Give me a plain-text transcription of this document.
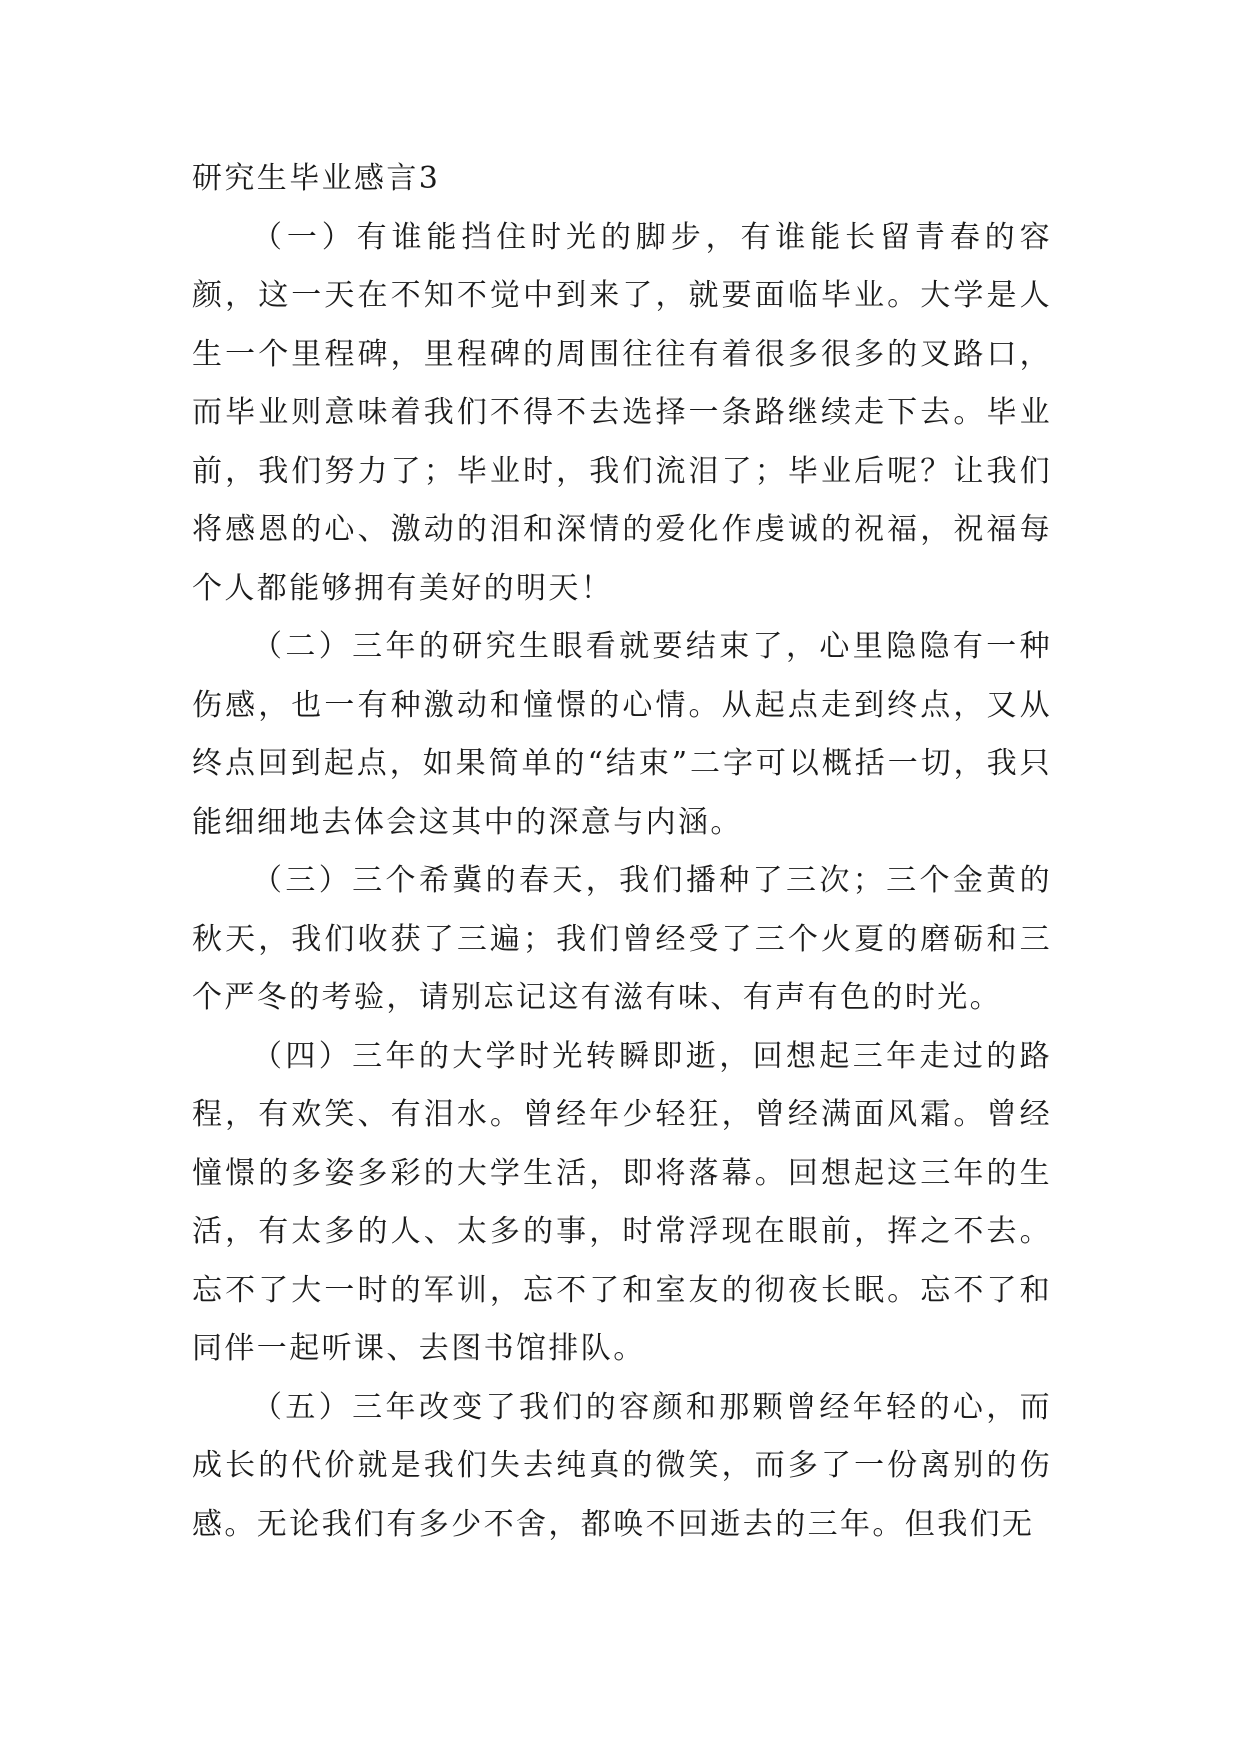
研究生毕业感言3

（一）有谁能挡住时光的脚步，有谁能长留青春的容颜，这一天在不知不觉中到来了，就要面临毕业。大学是人生一个里程碑，里程碑的周围往往有着很多很多的叉路口，而毕业则意味着我们不得不去选择一条路继续走下去。毕业前，我们努力了；毕业时，我们流泪了；毕业后呢？让我们将感恩的心、激动的泪和深情的爱化作虔诚的祝福，祝福每个人都能够拥有美好的明天！

（二）三年的研究生眼看就要结束了，心里隐隐有一种伤感，也一有种激动和憧憬的心情。从起点走到终点，又从终点回到起点，如果简单的“结束”二字可以概括一切，我只能细细地去体会这其中的深意与内涵。

（三）三个希冀的春天，我们播种了三次；三个金黄的秋天，我们收获了三遍；我们曾经受了三个火夏的磨砺和三个严冬的考验，请别忘记这有滋有味、有声有色的时光。

（四）三年的大学时光转瞬即逝，回想起三年走过的路程，有欢笑、有泪水。曾经年少轻狂，曾经满面风霜。曾经憧憬的多姿多彩的大学生活，即将落幕。回想起这三年的生活，有太多的人、太多的事，时常浮现在眼前，挥之不去。忘不了大一时的军训，忘不了和室友的彻夜长眠。忘不了和同伴一起听课、去图书馆排队。

（五）三年改变了我们的容颜和那颗曾经年轻的心，而成长的代价就是我们失去纯真的微笑，而多了一份离别的伤感。无论我们有多少不舍，都唤不回逝去的三年。但我们无
